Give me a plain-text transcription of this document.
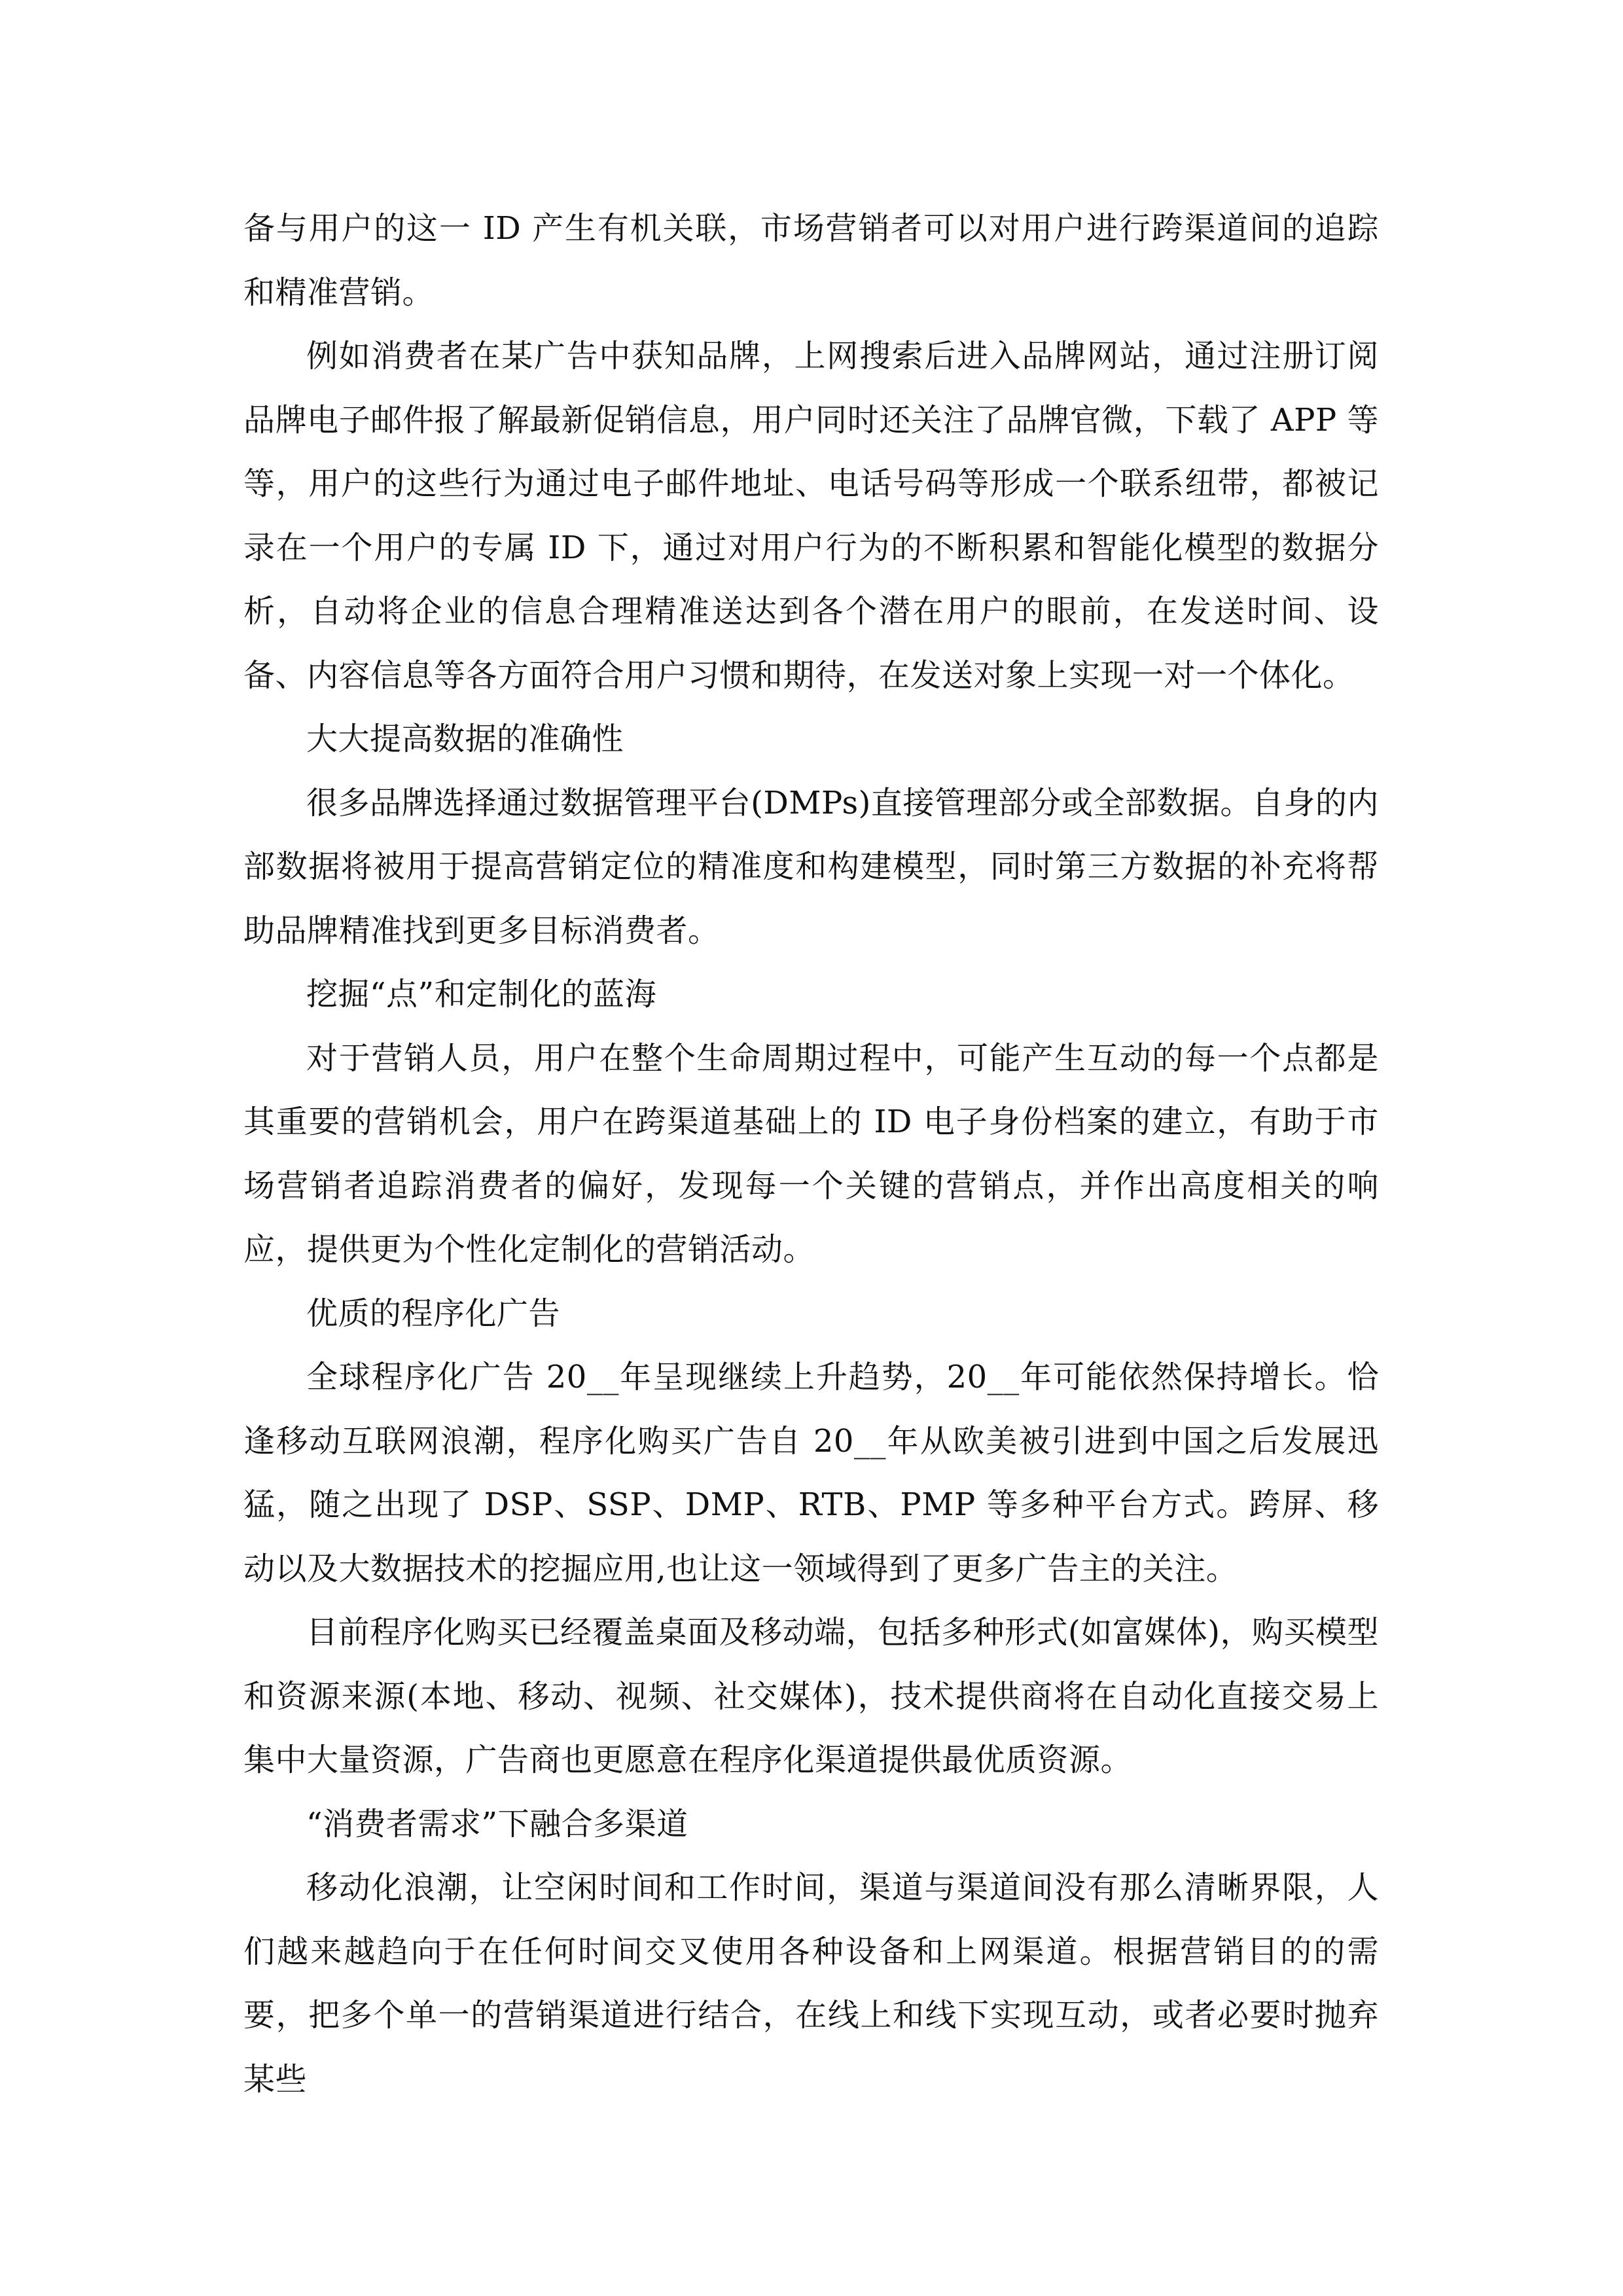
备与用户的这一 ID 产生有机关联，市场营销者可以对用户进行跨渠道间的追踪和精准营销。

例如消费者在某广告中获知品牌，上网搜索后进入品牌网站，通过注册订阅品牌电子邮件报了解最新促销信息，用户同时还关注了品牌官微，下载了 APP 等等，用户的这些行为通过电子邮件地址、电话号码等形成一个联系纽带，都被记录在一个用户的专属 ID 下，通过对用户行为的不断积累和智能化模型的数据分析，自动将企业的信息合理精准送达到各个潜在用户的眼前，在发送时间、设备、内容信息等各方面符合用户习惯和期待，在发送对象上实现一对一个体化。

大大提高数据的准确性

很多品牌选择通过数据管理平台(DMPs)直接管理部分或全部数据。自身的内部数据将被用于提高营销定位的精准度和构建模型，同时第三方数据的补充将帮助品牌精准找到更多目标消费者。

挖掘“点”和定制化的蓝海

对于营销人员，用户在整个生命周期过程中，可能产生互动的每一个点都是其重要的营销机会，用户在跨渠道基础上的 ID 电子身份档案的建立，有助于市场营销者追踪消费者的偏好，发现每一个关键的营销点，并作出高度相关的响应，提供更为个性化定制化的营销活动。

优质的程序化广告

全球程序化广告 20__年呈现继续上升趋势，20__年可能依然保持增长。恰逢移动互联网浪潮，程序化购买广告自 20__年从欧美被引进到中国之后发展迅猛，随之出现了 DSP、SSP、DMP、RTB、PMP 等多种平台方式。跨屏、移动以及大数据技术的挖掘应用,也让这一领域得到了更多广告主的关注。

目前程序化购买已经覆盖桌面及移动端，包括多种形式(如富媒体)，购买模型和资源来源(本地、移动、视频、社交媒体)，技术提供商将在自动化直接交易上集中大量资源，广告商也更愿意在程序化渠道提供最优质资源。

“消费者需求”下融合多渠道

移动化浪潮，让空闲时间和工作时间，渠道与渠道间没有那么清晰界限，人们越来越趋向于在任何时间交叉使用各种设备和上网渠道。根据营销目的的需要，把多个单一的营销渠道进行结合，在线上和线下实现互动，或者必要时抛弃某些
